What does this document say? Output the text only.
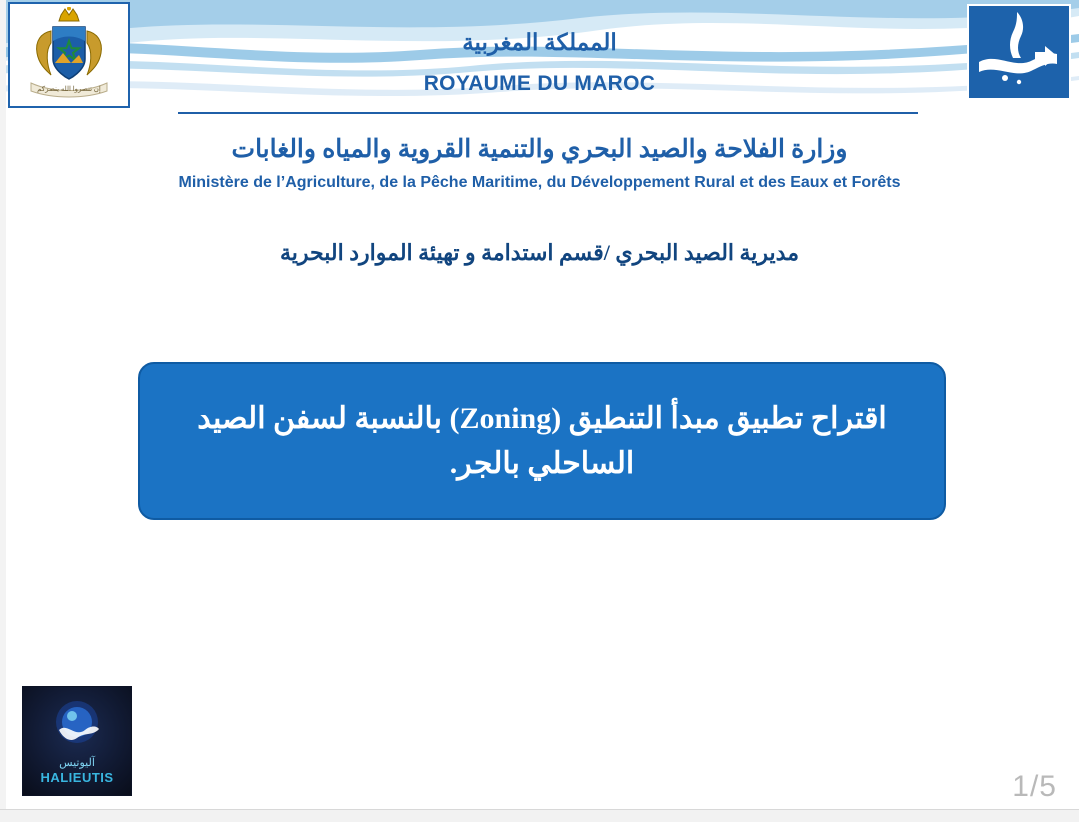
إن تنصروا الله ينصركم
المملكة المغربية
ROYAUME DU MAROC
وزارة الفلاحة والصيد البحري والتنمية القروية والمياه والغابات
Ministère de l’Agriculture, de la Pêche Maritime, du Développement Rural et des Eaux et Forêts
مديرية الصيد البحري /قسم استدامة و تهيئة الموارد البحرية
اقتراح تطبيق مبدأ التنطيق (Zoning) بالنسبة لسفن الصيد الساحلي بالجر.
آليوتيس
HALIEUTIS	1/5
